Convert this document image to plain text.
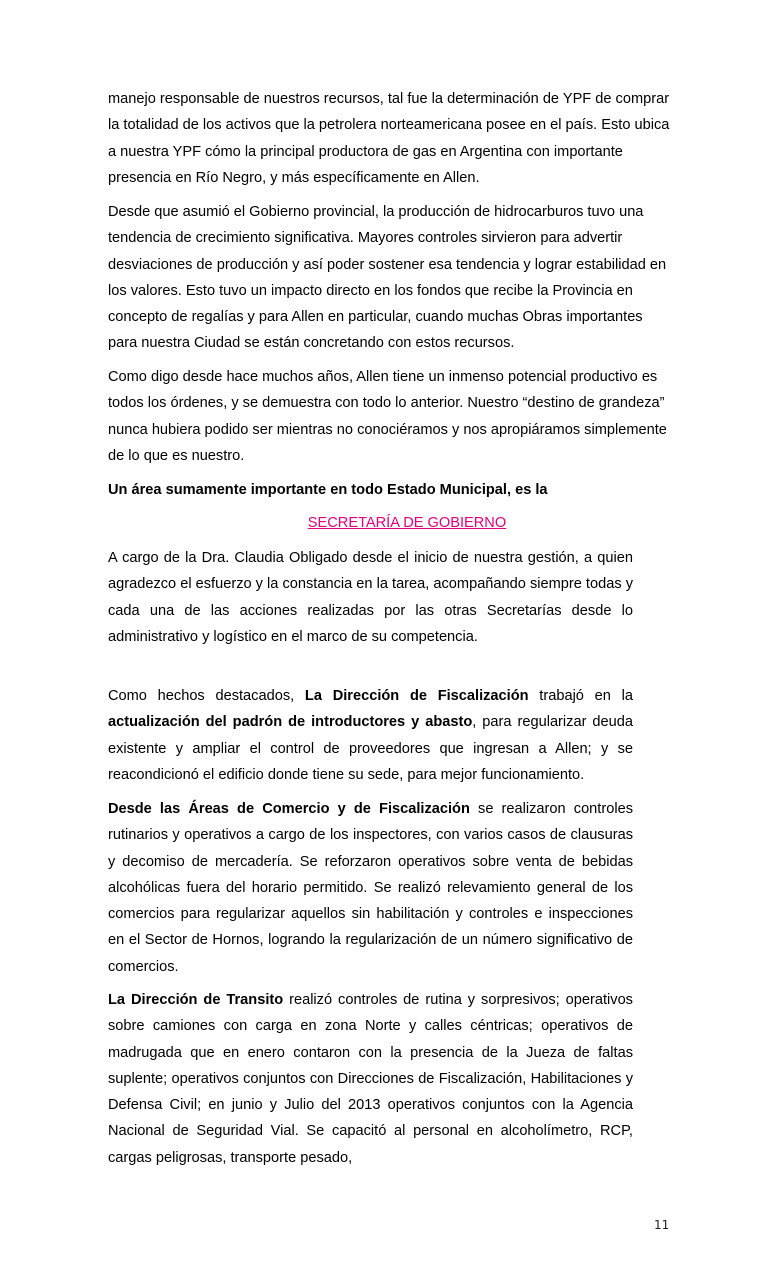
manejo responsable de nuestros recursos, tal fue la determinación de YPF de comprar la totalidad de los activos que la petrolera norteamericana posee en el país. Esto ubica a nuestra YPF cómo la principal productora de gas en Argentina con importante presencia en Río Negro, y más específicamente en Allen.

Desde que asumió el Gobierno provincial, la producción de hidrocarburos tuvo una tendencia de crecimiento significativa. Mayores controles sirvieron para advertir desviaciones de producción y así poder sostener esa tendencia y lograr estabilidad en los valores. Esto tuvo un impacto directo en los fondos que recibe la Provincia en concepto de regalías y para Allen en particular, cuando muchas Obras importantes para nuestra Ciudad se están concretando con estos recursos.

Como digo desde hace muchos años, Allen tiene un inmenso potencial productivo es todos los órdenes, y se demuestra con todo lo anterior. Nuestro “destino de grandeza” nunca hubiera podido ser mientras no conociéramos y nos apropiáramos simplemente de lo que es nuestro.

Un área sumamente importante en todo Estado Municipal, es la

SECRETARÍA DE GOBIERNO

A cargo de la Dra. Claudia Obligado desde el inicio de nuestra gestión, a quien agradezco el esfuerzo y la constancia en la tarea, acompañando siempre todas y cada una de las acciones realizadas por las otras Secretarías desde lo administrativo y logístico en el marco de su competencia.

Como hechos destacados, La Dirección de Fiscalización trabajó en la actualización del padrón de introductores y abasto, para regularizar deuda existente y ampliar el control de proveedores que ingresan a Allen; y se reacondicionó el edificio donde tiene su sede, para mejor funcionamiento.

Desde las Áreas de Comercio y de Fiscalización se realizaron controles rutinarios y operativos a cargo de los inspectores, con varios casos de clausuras y decomiso de mercadería. Se reforzaron operativos sobre venta de bebidas alcohólicas fuera del horario permitido. Se realizó relevamiento general de los comercios para regularizar aquellos sin habilitación y controles e inspecciones en el Sector de Hornos, logrando la regularización de un número significativo de comercios.

La Dirección de Transito realizó controles de rutina y sorpresivos; operativos sobre camiones con carga en zona Norte y calles céntricas; operativos de madrugada que en enero contaron con la presencia de la Jueza de faltas suplente; operativos conjuntos con Direcciones de Fiscalización, Habilitaciones y Defensa Civil; en junio y Julio del 2013 operativos conjuntos con la Agencia Nacional de Seguridad Vial. Se capacitó al personal en alcoholímetro, RCP, cargas peligrosas, transporte pesado,

11
